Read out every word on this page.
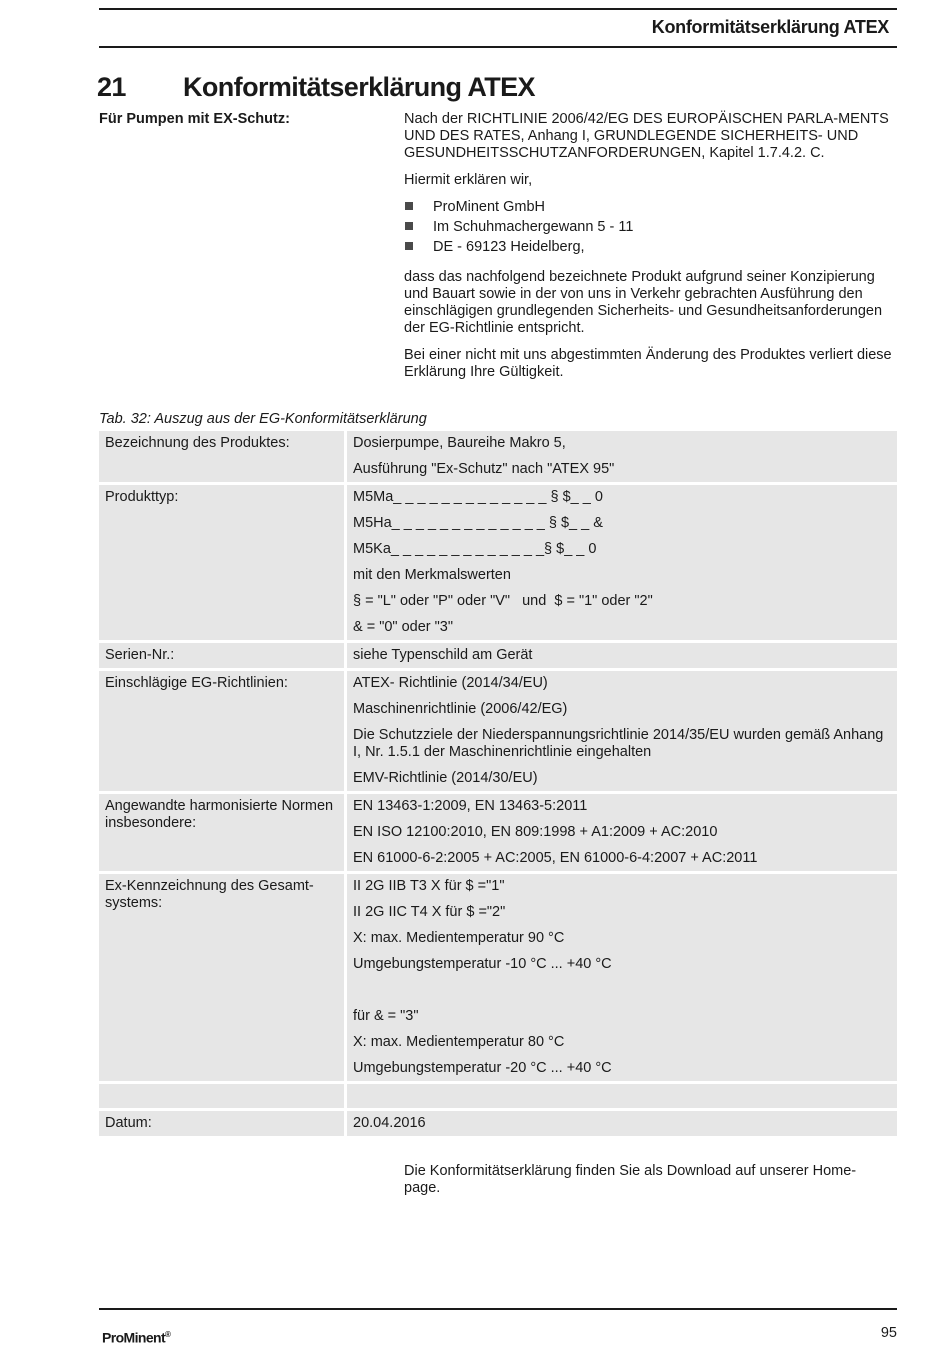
Konformitätserklärung ATEX
21 Konformitätserklärung ATEX
Für Pumpen mit EX-Schutz:	Nach der RICHTLINIE 2006/42/EG DES EUROPÄISCHEN PARLA-MENTS UND DES RATES, Anhang I, GRUNDLEGENDE SICHERHEITS- UND GESUNDHEITSSCHUTZANFORDERUNGEN, Kapitel 1.7.4.2. C.

Hiermit erklären wir,

ProMinent GmbH
Im Schuhmachergewann 5 - 11
DE - 69123 Heidelberg,

dass das nachfolgend bezeichnete Produkt aufgrund seiner Konzipierung und Bauart sowie in der von uns in Verkehr gebrachten Ausführung den einschlägigen grundlegenden Sicherheits- und Gesundheitsanforderungen der EG-Richtlinie entspricht.

Bei einer nicht mit uns abgestimmten Änderung des Produktes verliert diese Erklärung Ihre Gültigkeit.

Tab. 32: Auszug aus der EG-Konformitätserklärung
Bezeichnung des Produktes:	Dosierpumpe, Baureihe Makro 5,
Ausführung "Ex-Schutz" nach "ATEX 95"
Produkttyp:	M5Ma_ _ _ _ _ _ _ _ _ _ _ _ _ § $_ _ 0
M5Ha_ _ _ _ _ _ _ _ _ _ _ _ _ § $_ _ &
M5Ka_ _ _ _ _ _ _ _ _ _ _ _ _§ $_ _ 0
mit den Merkmalswerten
§ = "L" oder "P" oder "V"   und  $ = "1" oder "2"
& = "0" oder "3"
Serien-Nr.:	siehe Typenschild am Gerät
Einschlägige EG-Richtlinien:	ATEX- Richtlinie (2014/34/EU)
Maschinenrichtlinie (2006/42/EG)
Die Schutzziele der Niederspannungsrichtlinie 2014/35/EU wurden gemäß Anhang I, Nr. 1.5.1 der Maschinenrichtlinie eingehalten
EMV-Richtlinie (2014/30/EU)
Angewandte harmonisierte Normen insbesondere:
EN 13463-1:2009, EN 13463-5:2011
EN ISO 12100:2010, EN 809:1998 + A1:2009 + AC:2010
EN 61000-6-2:2005 + AC:2005, EN 61000-6-4:2007 + AC:2011
Ex-Kennzeichnung des Gesamt-systems:
II 2G IIB T3 X für $ ="1"
II 2G IIC T4 X für $ ="2"
X: max. Medientemperatur 90 °C
Umgebungstemperatur -10 °C ... +40 °C
für & = "3"
X: max. Medientemperatur 80 °C
Umgebungstemperatur -20 °C ... +40 °C
Datum:	20.04.2016
Die Konformitätserklärung finden Sie als Download auf unserer Home-page.
ProMinent®	95
